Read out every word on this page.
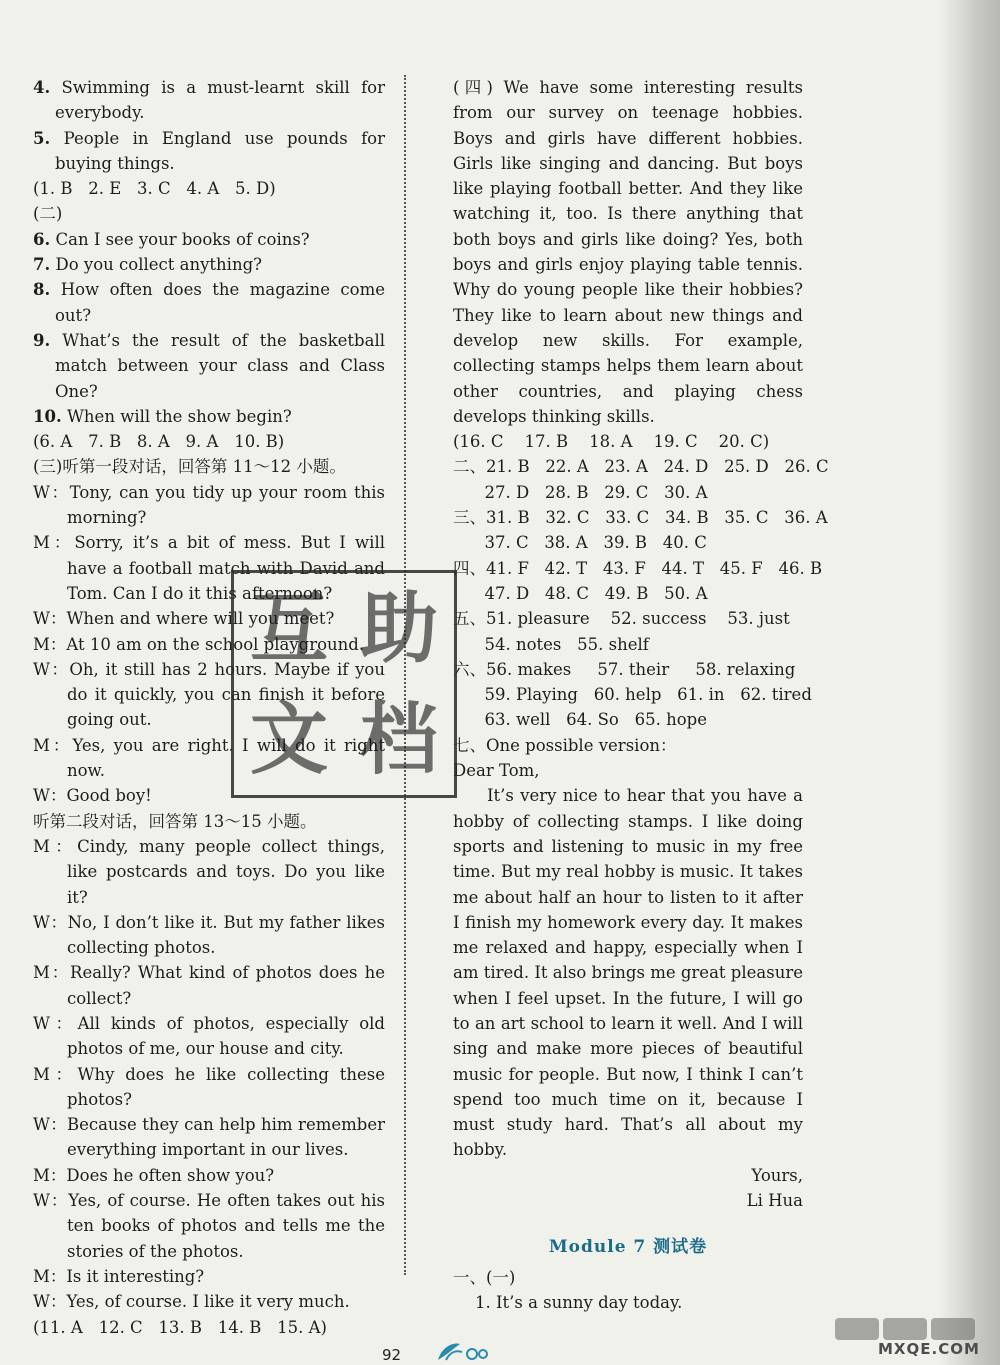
4. Swimming is a must-learnt skill for everybody.

5. People in England use pounds for buying things.

(1. B   2. E   3. C   4. A   5. D)

(二)

6. Can I see your books of coins?

7. Do you collect anything?

8. How often does the magazine come out?

9. What’s the result of the basketball match between your class and Class One?

10. When will the show begin?

(6. A   7. B   8. A   9. A   10. B)

(三)听第一段对话，回答第 11～12 小题。

W：Tony, can you tidy up your room this morning?

M：Sorry, it’s a bit of mess. But I will have a football match with David and Tom. Can I do it this afternoon?

W：When and where will you meet?

M：At 10 am on the school playground.

W：Oh, it still has 2 hours. Maybe if you do it quickly, you can finish it before going out.

M：Yes, you are right. I will do it right now.

W：Good boy!

听第二段对话，回答第 13～15 小题。

M：Cindy, many people collect things, like postcards and toys. Do you like it?

W：No, I don’t like it. But my father likes collecting photos.

M：Really? What kind of photos does he collect?

W：All kinds of photos, especially old photos of me, our house and city.

M：Why does he like collecting these photos?

W：Because they can help him remember everything important in our lives.

M：Does he often show you?

W：Yes, of course. He often takes out his ten books of photos and tells me the stories of the photos.

M：Is it interesting?

W：Yes, of course. I like it very much.

(11. A   12. C   13. B   14. B   15. A)

(四) We have some interesting results from our survey on teenage hobbies. Boys and girls have different hobbies. Girls like singing and dancing. But boys like playing football better. And they like watching it, too. Is there anything that both boys and girls like doing? Yes, both boys and girls enjoy playing table tennis. Why do young people like their hobbies? They like to learn about new things and develop new skills. For example, collecting stamps helps them learn about other countries, and playing chess develops thinking skills.

(16. C    17. B    18. A    19. C    20. C)

二、21. B   22. A   23. A   24. D   25. D   26. C

27. D   28. B   29. C   30. A

三、31. B   32. C   33. C   34. B   35. C   36. A

37. C   38. A   39. B   40. C

四、41. F   42. T   43. F   44. T   45. F   46. B

47. D   48. C   49. B   50. A

五、51. pleasure    52. success    53. just

54. notes   55. shelf

六、56. makes     57. their     58. relaxing

59. Playing   60. help   61. in   62. tired

63. well   64. So   65. hope

七、One possible version：

Dear Tom,

It’s very nice to hear that you have a hobby of collecting stamps. I like doing sports and listening to music in my free time. But my real hobby is music. It takes me about half an hour to listen to it after I finish my homework every day. It makes me relaxed and happy, especially when I am tired. It also brings me great pleasure when I feel upset. In the future, I will go to an art school to learn it well. And I will sing and make more pieces of beautiful music for people. But now, I think I can’t spend too much time on it, because I must study hard. That’s all about my hobby.

Yours,

Li Hua

Module 7 测试卷

一、(一)

1. It’s a sunny day today.

互 助
文 档
92	MXQE.COM
